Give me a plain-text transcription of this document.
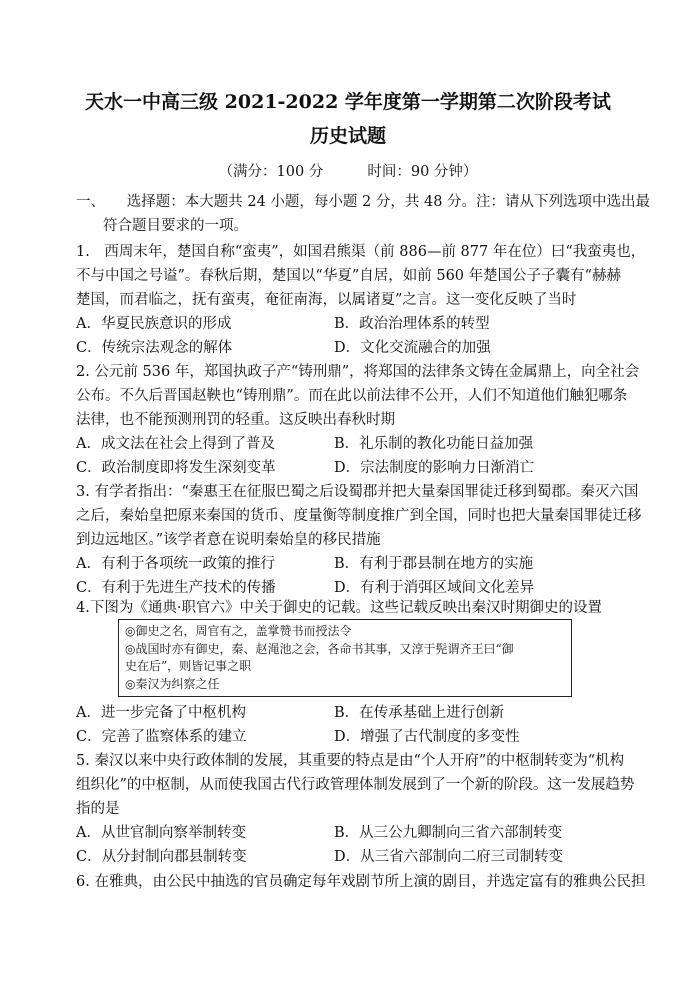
天水一中高三级 2021-2022 学年度第一学期第二次阶段考试
历史试题
（满分：100 分	时间：90 分钟）
一、　　选择题：本大题共 24 小题，每小题 2 分，共 48 分。注：请从下列选项中选出最
符合题目要求的一项。
1.　西周末年，楚国自称“蛮夷”，如国君熊渠（前 886—前 877 年在位）曰“我蛮夷也，
不与中国之号谥”。春秋后期，楚国以“华夏”自居，如前 560 年楚国公子子囊有“赫赫
楚国，而君临之，抚有蛮夷，奄征南海，以属诸夏”之言。这一变化反映了当时
A．华夏民族意识的形成	B．政治治理体系的转型
C．传统宗法观念的解体	D．文化交流融合的加强
2. 公元前 536 年，郑国执政子产“铸刑鼎”，将郑国的法律条文铸在金属鼎上，向全社会
公布。不久后晋国赵鞅也“铸刑鼎”。而在此以前法律不公开，人们不知道他们触犯哪条
法律，也不能预测刑罚的轻重。这反映出春秋时期
A．成文法在社会上得到了普及	B．礼乐制的教化功能日益加强
C．政治制度即将发生深刻变革	D．宗法制度的影响力日渐消亡
3. 有学者指出：“秦惠王在征服巴蜀之后设蜀郡并把大量秦国罪徒迁移到蜀郡。秦灭六国
之后，秦始皇把原来秦国的货币、度量衡等制度推广到全国，同时也把大量秦国罪徒迁移
到边远地区。”该学者意在说明秦始皇的移民措施
A．有利于各项统一政策的推行	B．有利于郡县制在地方的实施
C．有利于先进生产技术的传播	D．有利于消弭区域间文化差异
4.下图为《通典·职官六》中关于御史的记载。这些记载反映出秦汉时期御史的设置
◎御史之名，周官有之，盖掌赞书而授法令
◎战国时亦有御史，秦、赵渑池之会，各命书其事，又淳于髡谓齐王曰“御
史在后”，则皆记事之职
◎秦汉为纠察之任
A．进一步完备了中枢机构	B．在传承基础上进行创新
C．完善了监察体系的建立	D．增强了古代制度的多变性
5. 秦汉以来中央行政体制的发展，其重要的特点是由“个人开府”的中枢制转变为“机构
组织化”的中枢制，从而使我国古代行政管理体制发展到了一个新的阶段。这一发展趋势
指的是
A．从世官制向察举制转变	B．从三公九卿制向三省六部制转变
C．从分封制向郡县制转变	D．从三省六部制向二府三司制转变
6. 在雅典，由公民中抽选的官员确定每年戏剧节所上演的剧目，并选定富有的雅典公民担
